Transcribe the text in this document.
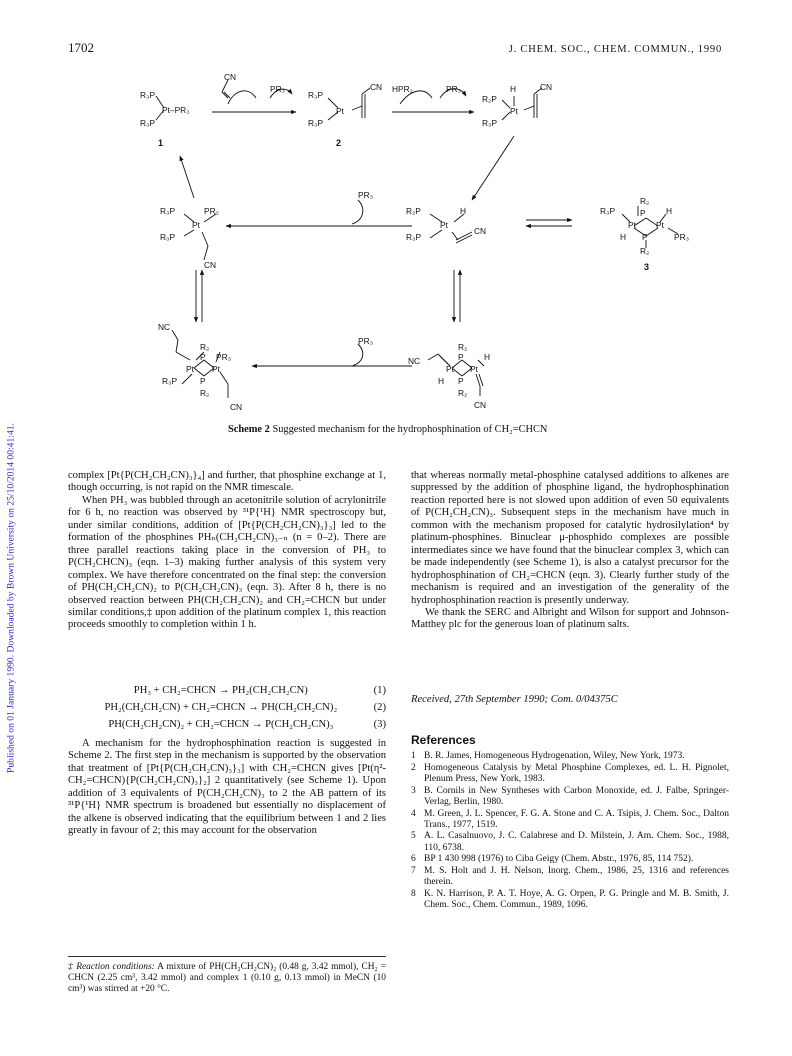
Published on 01 January 1990. Downloaded by Brown University on 25/10/2014 00:41:41.
1702	J. CHEM. SOC., CHEM. COMMUN., 1990
R₃P
Pt–PR₃
R₃P
1
CN
PR₃
R₃P
Pt
R₃P
CN
2
HPR₂	PR₃
R₂P
H
Pt
R₃P
CN
PR₃
R₃P	PR₂
Pt
R₃P
CN
R₂P	H
Pt
R₃P
CN
R₂
R₃P	P H
Pt Pt
H P	PR₃
R₂
3
NC
R₂
P PR₃
Pt Pt
R₃P	P
R₂
CN
PR₃
NC
R₂
P H
Pt Pt
H P
R₂
CN
Scheme 2 Suggested mechanism for the hydrophosphination of CH₂=CHCN

complex [Pt{P(CH₂CH₂CN)₃}₄] and further, that phosphine exchange at 1, though occurring, is not rapid on the NMR timescale.

When PH₃ was bubbled through an acetonitrile solution of acrylonitrile for 6 h, no reaction was observed by ³¹P{¹H} NMR spectroscopy but, under similar conditions, addition of [Pt{P(CH₂CH₂CN)₃}₃] led to the formation of the phosphines PHₙ(CH₂CH₂CN)₃₋ₙ (n = 0–2). There are three parallel reactions taking place in the conversion of PH₃ to P(CH₂CHCN)₃ (eqn. 1–3) making further analysis of this system very complex. We have therefore concentrated on the final step: the conversion of PH(CH₂CH₂CN)₂ to P(CH₂CH₂CN)₃ (eqn. 3). After 8 h, there is no observed reaction between PH(CH₂CH₂CN)₂ and CH₂=CHCN but under similar conditions,‡ upon addition of the platinum complex 1, this reaction proceeds smoothly to completion within 1 h.

PH₃ + CH₂=CHCN → PH₂(CH₂CH₂CN)	(1)
PH₂(CH₂CH₂CN) + CH₂=CHCN → PH(CH₂CH₂CN)₂	(2)
PH(CH₂CH₂CN)₂ + CH₂=CHCN → P(CH₂CH₂CN)₃	(3)

A mechanism for the hydrophosphination reaction is suggested in Scheme 2. The first step in the mechanism is supported by the observation that treatment of [Pt{P(CH₂CH₂CN)₃}₃] with CH₂=CHCN gives [Pt(η²-CH₂=CHCN){P(CH₂CH₂CN)₃}₂] 2 quantitatively (see Scheme 1). Upon addition of 3 equivalents of P(CH₂CH₂CN)₃ to 2 the AB pattern of its ³¹P{¹H} NMR spectrum is broadened but essentially no displacement of the alkene is observed indicating that the equilibrium between 1 and 2 lies greatly in favour of 2; this may account for the observation

‡ Reaction conditions: A mixture of PH(CH₂CH₂CN)₂ (0.48 g, 3.42 mmol), CH₂ = CHCN (2.25 cm³, 3.42 mmol) and complex 1 (0.10 g, 0.13 mmol) in MeCN (10 cm³) was stirred at +20 °C.

that whereas normally metal-phosphine catalysed additions to alkenes are suppressed by the addition of phosphine ligand, the hydrophosphination reaction reported here is not slowed upon addition of even 50 equivalents of P(CH₂CH₂CN)₃. Subsequent steps in the mechanism have much in common with the mechanism proposed for catalytic hydrosilylation⁴ by platinum-phosphines. Binuclear μ-phosphido complexes are possible intermediates since we have found that the binuclear complex 3, which can be made independently (see Scheme 1), is also a catalyst precursor for the hydrophosphination of CH₂=CHCN (eqn. 3). Clearly further study of the mechanism is required and an investigation of the generality of the hydrophosphination reaction is presently underway.

We thank the SERC and Albright and Wilson for support and Johnson-Matthey plc for the generous loan of platinum salts.

Received, 27th September 1990; Com. 0/04375C
References
1 B. R. James, Homogeneous Hydrogenation, Wiley, New York, 1973.
2 Homogeneous Catalysis by Metal Phosphine Complexes, ed. L. H. Pignolet, Plenum Press, New York, 1983.
3 B. Cornils in New Syntheses with Carbon Monoxide, ed. J. Falbe, Springer-Verlag, Berlin, 1980.
4 M. Green, J. L. Spencer, F. G. A. Stone and C. A. Tsipis, J. Chem. Soc., Dalton Trans., 1977, 1519.
5 A. L. Casalnuovo, J. C. Calabrese and D. Milstein, J. Am. Chem. Soc., 1988, 110, 6738.
6 BP 1 430 998 (1976) to Ciba Geigy (Chem. Abstr., 1976, 85, 114 752).
7 M. S. Holt and J. H. Nelson, Inorg. Chem., 1986, 25, 1316 and references therein.
8 K. N. Harrison, P. A. T. Hoye, A. G. Orpen, P. G. Pringle and M. B. Smith, J. Chem. Soc., Chem. Commun., 1989, 1096.
